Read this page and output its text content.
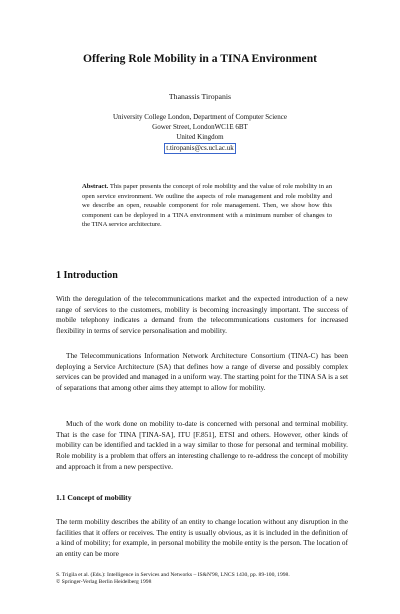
Offering Role Mobility in a TINA Environment
Thanassis Tiropanis
University College London, Department of Computer Science
Gower Street, LondonWC1E 6BT
United Kingdom
t.tiropanis@cs.ucl.ac.uk
Abstract. This paper presents the concept of role mobility and the value of role mobility in an open service environment. We outline the aspects of role management and role mobility and we describe an open, reusable component for role management. Then, we show how this component can be deployed in a TINA environment with a minimum number of changes to the TINA service architecture.
1 Introduction
With the deregulation of the telecommunications market and the expected introduction of a new range of services to the customers, mobility is becoming increasingly important. The success of mobile telephony indicates a demand from the telecommunications customers for increased flexibility in terms of service personalisation and mobility.
The Telecommunications Information Network Architecture Consortium (TINA-C) has been deploying a Service Architecture (SA) that defines how a range of diverse and possibly complex services can be provided and managed in a uniform way. The starting point for the TINA SA is a set of separations that among other aims they attempt to allow for mobility.
Much of the work done on mobility to-date is concerned with personal and terminal mobility. That is the case for TINA [TINA-SA], ITU [F.851], ETSI and others. However, other kinds of mobility can be identified and tackled in a way similar to those for personal and terminal mobility. Role mobility is a problem that offers an interesting challenge to re-address the concept of mobility and approach it from a new perspective.
1.1 Concept of mobility
The term mobility describes the ability of an entity to change location without any disruption in the facilities that it offers or receives. The entity is usually obvious, as it is included in the definition of a kind of mobility; for example, in personal mobility the mobile entity is the person. The location of an entity can be more
S. Trigila et al. (Eds.): Intelligence in Services and Networks – IS&N'98, LNCS 1430, pp. 89-100, 1998.
© Springer-Verlag Berlin Heidelberg 1998
